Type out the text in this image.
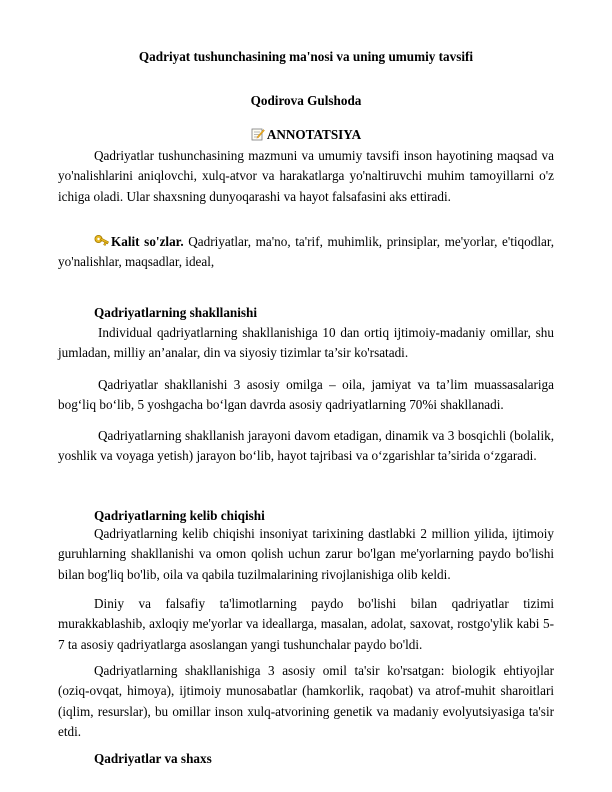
Qadriyat tushunchasining ma'nosi va uning umumiy tavsifi
Qodirova Gulshoda
ANNOTATSIYA

Qadriyatlar tushunchasining mazmuni va umumiy tavsifi inson hayotining maqsad va yo'nalishlarini aniqlovchi, xulq-atvor va harakatlarga yo'naltiruvchi muhim tamoyillarni o'z ichiga oladi. Ular shaxsning dunyoqarashi va hayot falsafasini aks ettiradi.

Kalit so'zlar. Qadriyatlar, ma'no, ta'rif, muhimlik, prinsiplar, me'yorlar, e'tiqodlar, yo'nalishlar, maqsadlar, ideal,
Qadriyatlarning shakllanishi

Individual qadriyatlarning shakllanishiga 10 dan ortiq ijtimoiy-madaniy omillar, shu jumladan, milliy an’analar, din va siyosiy tizimlar ta’sir ko'rsatadi.

Qadriyatlar shakllanishi 3 asosiy omilga – oila, jamiyat va ta’lim muassasalariga bog‘liq bo‘lib, 5 yoshgacha bo‘lgan davrda asosiy qadriyatlarning 70%i shakllanadi.

Qadriyatlarning shakllanish jarayoni davom etadigan, dinamik va 3 bosqichli (bolalik, yoshlik va voyaga yetish) jarayon bo‘lib, hayot tajribasi va o‘zgarishlar ta’sirida o‘zgaradi.

Qadriyatlarning kelib chiqishi

Qadriyatlarning kelib chiqishi insoniyat tarixining dastlabki 2 million yilida, ijtimoiy guruhlarning shakllanishi va omon qolish uchun zarur bo'lgan me'yorlarning paydo bo'lishi bilan bog'liq bo'lib, oila va qabila tuzilmalarining rivojlanishiga olib keldi.

Diniy va falsafiy ta'limotlarning paydo bo'lishi bilan qadriyatlar tizimi murakkablashib, axloqiy me'yorlar va ideallarga, masalan, adolat, saxovat, rostgo'ylik kabi 5-7 ta asosiy qadriyatlarga asoslangan yangi tushunchalar paydo bo'ldi.

Qadriyatlarning shakllanishiga 3 asosiy omil ta'sir ko'rsatgan: biologik ehtiyojlar (oziq-ovqat, himoya), ijtimoiy munosabatlar (hamkorlik, raqobat) va atrof-muhit sharoitlari (iqlim, resurslar), bu omillar inson xulq-atvorining genetik va madaniy evolyutsiyasiga ta'sir etdi.

Qadriyatlar va shaxs
